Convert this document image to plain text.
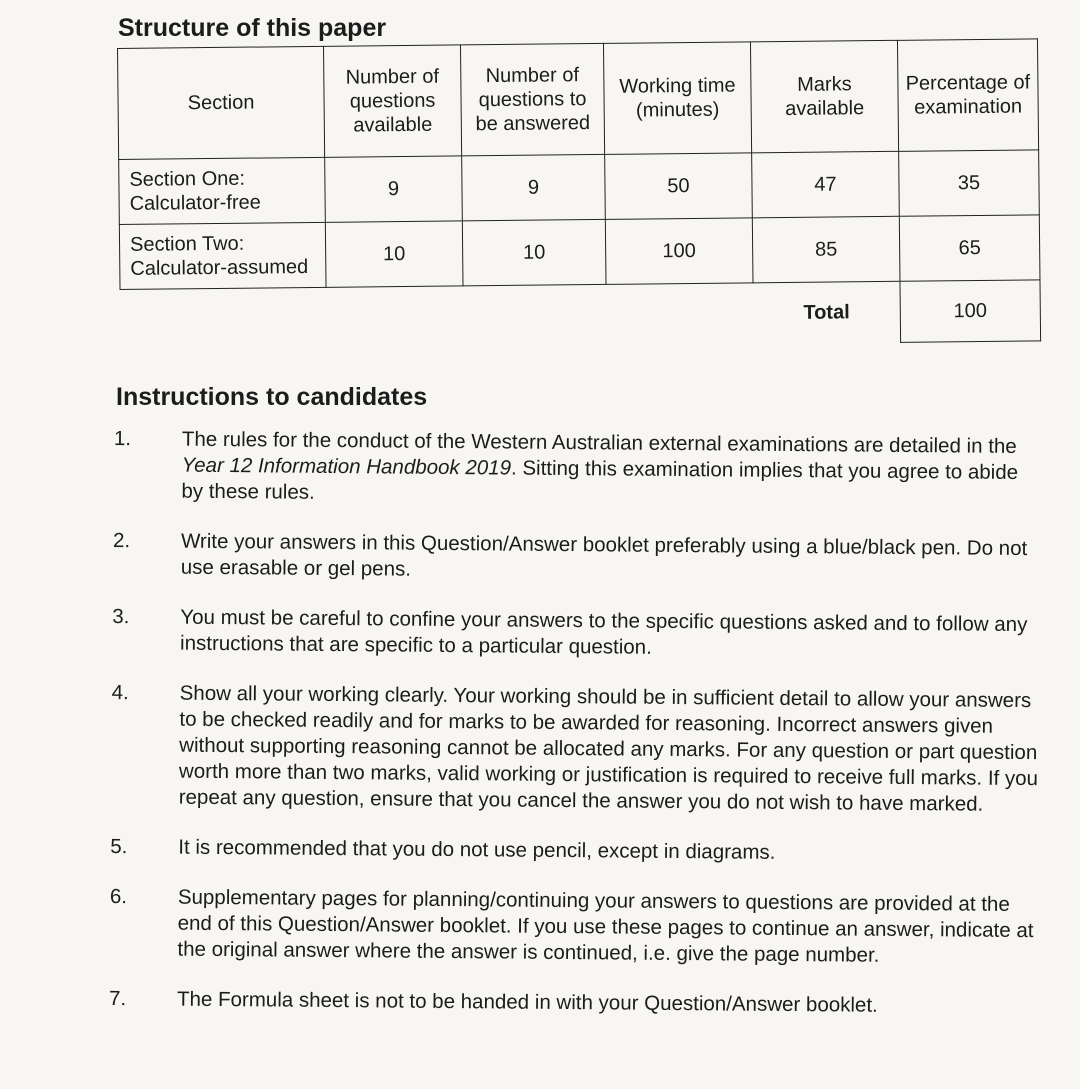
Structure of this paper
Section	Number of questions available	Number of questions to be answered	Working time (minutes)	Marks available	Percentage of examination
Section One: Calculator-free	9	9	50	47	35
Section Two: Calculator-assumed	10	10	100	85	65
				Total	100
Instructions to candidates
1.	The rules for the conduct of the Western Australian external examinations are detailed in the Year 12 Information Handbook 2019. Sitting this examination implies that you agree to abide by these rules.
2.	Write your answers in this Question/Answer booklet preferably using a blue/black pen. Do not use erasable or gel pens.
3.	You must be careful to confine your answers to the specific questions asked and to follow any instructions that are specific to a particular question.
4.	Show all your working clearly. Your working should be in sufficient detail to allow your answers to be checked readily and for marks to be awarded for reasoning. Incorrect answers given without supporting reasoning cannot be allocated any marks. For any question or part question worth more than two marks, valid working or justification is required to receive full marks. If you repeat any question, ensure that you cancel the answer you do not wish to have marked.
5.	It is recommended that you do not use pencil, except in diagrams.
6.	Supplementary pages for planning/continuing your answers to questions are provided at the end of this Question/Answer booklet. If you use these pages to continue an answer, indicate at the original answer where the answer is continued, i.e. give the page number.
7.	The Formula sheet is not to be handed in with your Question/Answer booklet.
